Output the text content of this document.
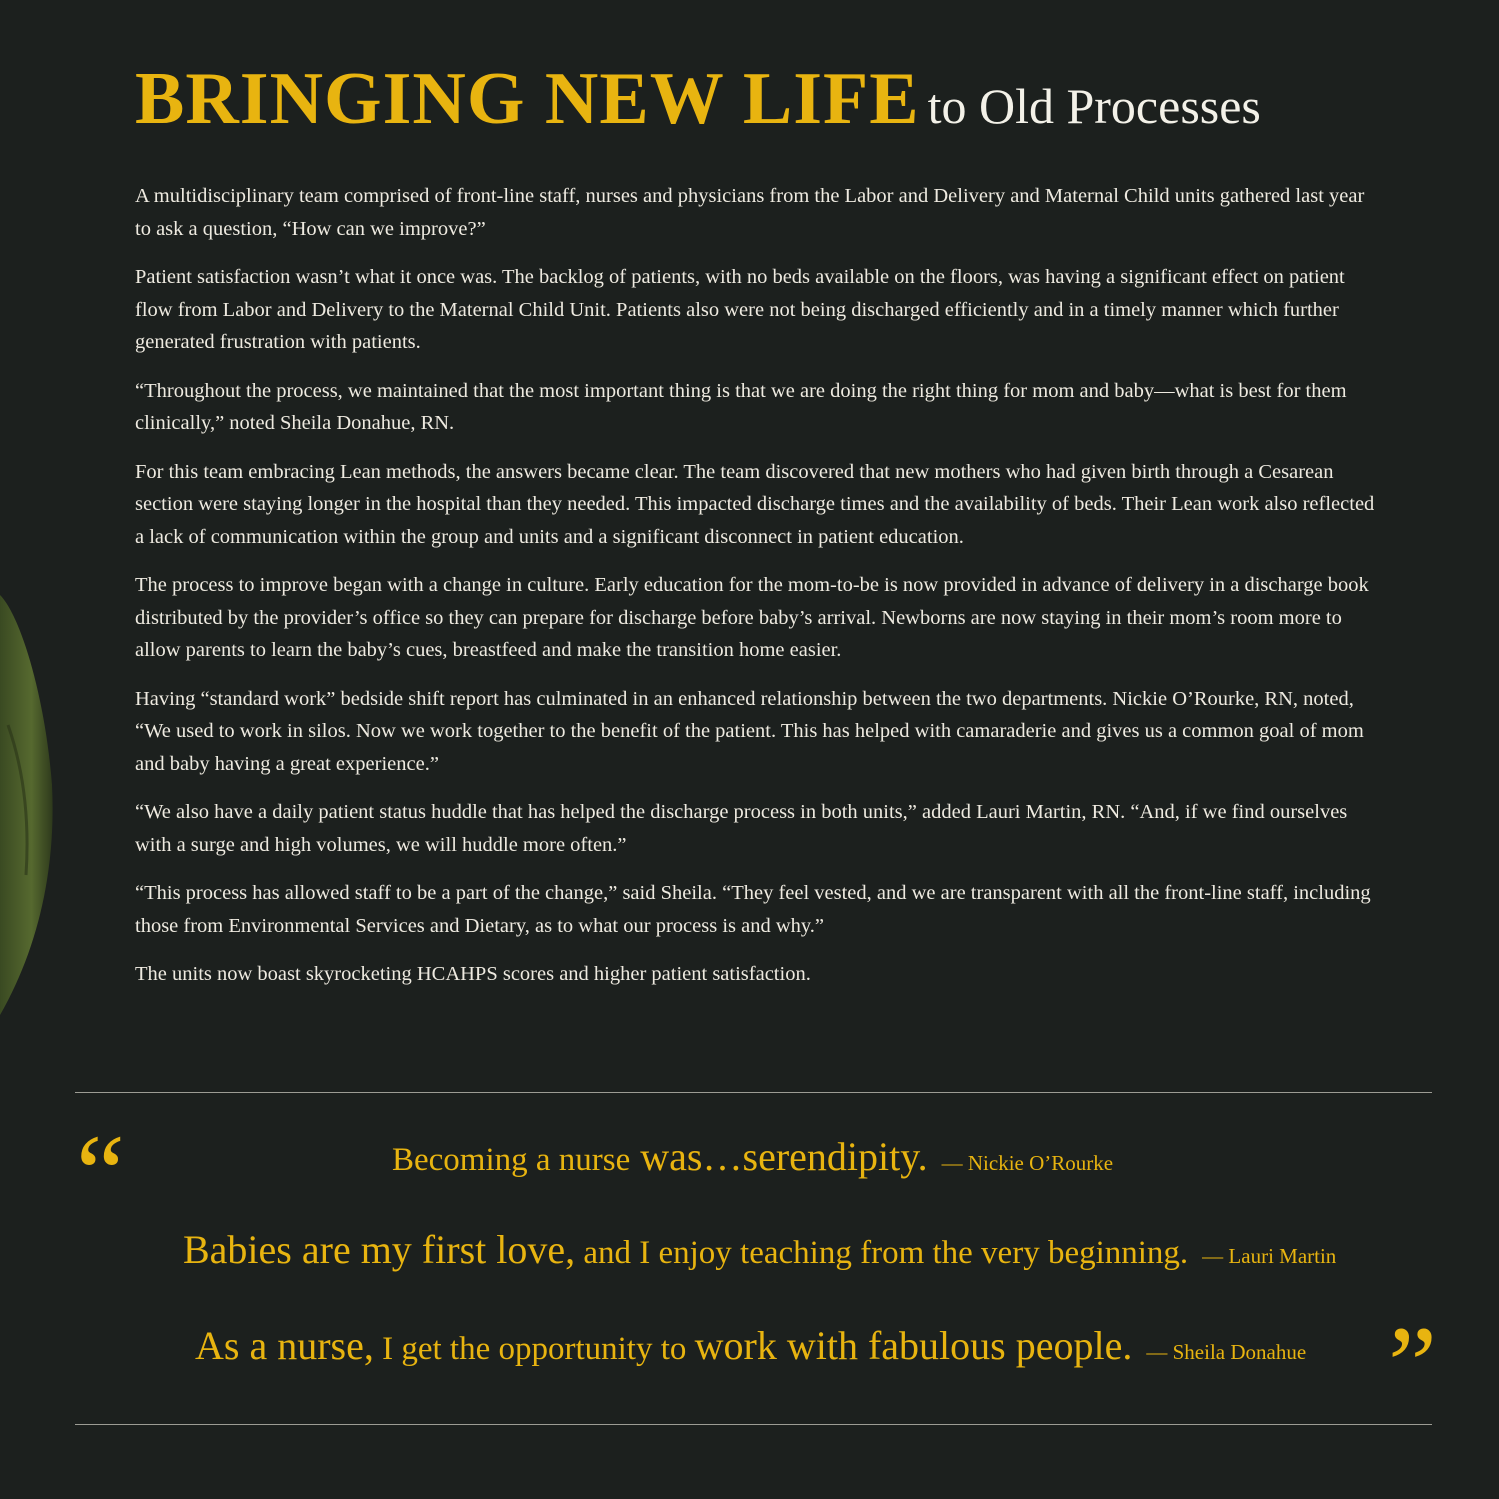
BRINGING NEW LIFE to Old Processes

A multidisciplinary team comprised of front-line staff, nurses and physicians from the Labor and Delivery and Maternal Child units gathered last year to ask a question, “How can we improve?”

Patient satisfaction wasn’t what it once was. The backlog of patients, with no beds available on the floors, was having a significant effect on patient flow from Labor and Delivery to the Maternal Child Unit. Patients also were not being discharged efficiently and in a timely manner which further generated frustration with patients.

“Throughout the process, we maintained that the most important thing is that we are doing the right thing for mom and baby—what is best for them clinically,” noted Sheila Donahue, RN.

For this team embracing Lean methods, the answers became clear. The team discovered that new mothers who had given birth through a Cesarean section were staying longer in the hospital than they needed. This impacted discharge times and the availability of beds. Their Lean work also reflected a lack of communication within the group and units and a significant disconnect in patient education.

The process to improve began with a change in culture. Early education for the mom-to-be is now provided in advance of delivery in a discharge book distributed by the provider’s office so they can prepare for discharge before baby’s arrival. Newborns are now staying in their mom’s room more to allow parents to learn the baby’s cues, breastfeed and make the transition home easier.

Having “standard work” bedside shift report has culminated in an enhanced relationship between the two departments. Nickie O’Rourke, RN, noted, “We used to work in silos. Now we work together to the benefit of the patient. This has helped with camaraderie and gives us a common goal of mom and baby having a great experience.”

“We also have a daily patient status huddle that has helped the discharge process in both units,” added Lauri Martin, RN. “And, if we find ourselves with a surge and high volumes, we will huddle more often.”

“This process has allowed staff to be a part of the change,” said Sheila. “They feel vested, and we are transparent with all the front-line staff, including those from Environmental Services and Dietary, as to what our process is and why.”

The units now boast skyrocketing HCAHPS scores and higher patient satisfaction.

“	Becoming a nurse was…serendipity. — Nickie O’Rourke
Babies are my first love, and I enjoy teaching from the very beginning. — Lauri Martin
As a nurse, I get the opportunity to work with fabulous people. — Sheila Donahue ”
